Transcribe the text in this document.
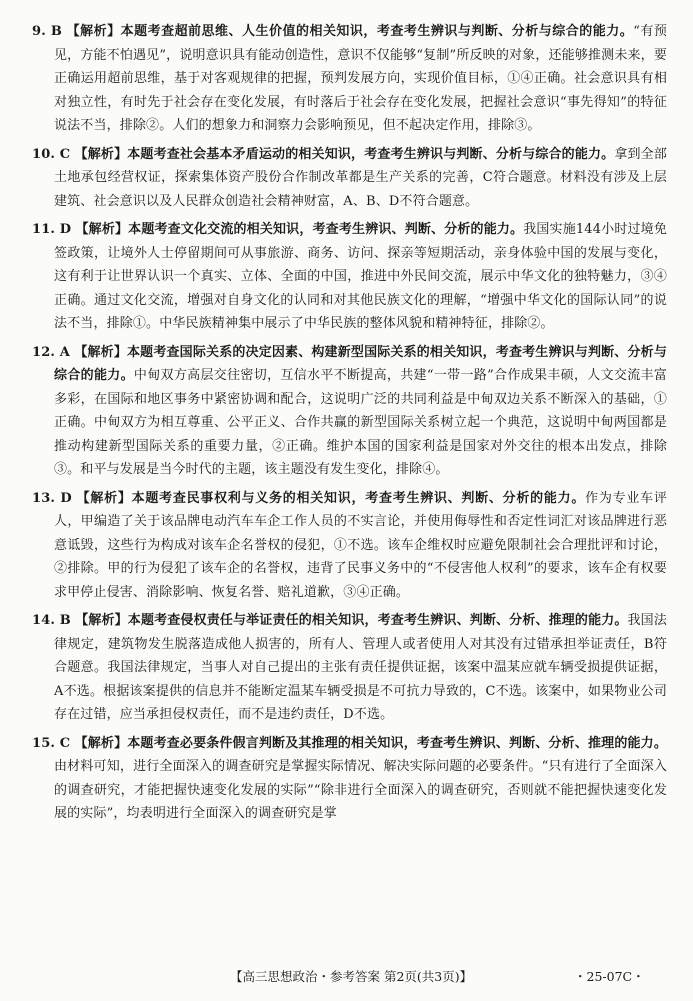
9. B 【解析】本题考查超前思维、人生价值的相关知识，考查考生辨识与判断、分析与综合的能力。“有预见，方能不怕遇见”，说明意识具有能动创造性，意识不仅能够“复制”所反映的对象，还能够推测未来，要正确运用超前思维，基于对客观规律的把握，预判发展方向，实现价值目标，①④正确。社会意识具有相对独立性，有时先于社会存在变化发展，有时落后于社会存在变化发展，把握社会意识“事先得知”的特征说法不当，排除②。人们的想象力和洞察力会影响预见，但不起决定作用，排除③。

10. C 【解析】本题考查社会基本矛盾运动的相关知识，考查考生辨识与判断、分析与综合的能力。拿到全部土地承包经营权证，探索集体资产股份合作制改革都是生产关系的完善，C符合题意。材料没有涉及上层建筑、社会意识以及人民群众创造社会精神财富，A、B、D不符合题意。

11. D 【解析】本题考查文化交流的相关知识，考查考生辨识、判断、分析的能力。我国实施144小时过境免签政策，让境外人士停留期间可从事旅游、商务、访问、探亲等短期活动，亲身体验中国的发展与变化，这有利于让世界认识一个真实、立体、全面的中国，推进中外民间交流，展示中华文化的独特魅力，③④正确。通过文化交流，增强对自身文化的认同和对其他民族文化的理解，“增强中华文化的国际认同”的说法不当，排除①。中华民族精神集中展示了中华民族的整体风貌和精神特征，排除②。

12. A 【解析】本题考查国际关系的决定因素、构建新型国际关系的相关知识，考查考生辨识与判断、分析与综合的能力。中甸双方高层交往密切，互信水平不断提高，共建“一带一路”合作成果丰硕，人文交流丰富多彩，在国际和地区事务中紧密协调和配合，这说明广泛的共同利益是中甸双边关系不断深入的基础，①正确。中甸双方为相互尊重、公平正义、合作共赢的新型国际关系树立起一个典范，这说明中甸两国都是推动构建新型国际关系的重要力量，②正确。维护本国的国家利益是国家对外交往的根本出发点，排除③。和平与发展是当今时代的主题，该主题没有发生变化，排除④。

13. D 【解析】本题考查民事权利与义务的相关知识，考查考生辨识、判断、分析的能力。作为专业车评人，甲编造了关于该品牌电动汽车车企工作人员的不实言论，并使用侮辱性和否定性词汇对该品牌进行恶意诋毁，这些行为构成对该车企名誉权的侵犯，①不选。该车企维权时应避免限制社会合理批评和讨论，②排除。甲的行为侵犯了该车企的名誉权，违背了民事义务中的“不侵害他人权利”的要求，该车企有权要求甲停止侵害、消除影响、恢复名誉、赔礼道歉，③④正确。

14. B 【解析】本题考查侵权责任与举证责任的相关知识，考查考生辨识、判断、分析、推理的能力。我国法律规定，建筑物发生脱落造成他人损害的，所有人、管理人或者使用人对其没有过错承担举证责任，B符合题意。我国法律规定，当事人对自己提出的主张有责任提供证据，该案中温某应就车辆受损提供证据，A不选。根据该案提供的信息并不能断定温某车辆受损是不可抗力导致的，C不选。该案中，如果物业公司存在过错，应当承担侵权责任，而不是违约责任，D不选。

15. C 【解析】本题考查必要条件假言判断及其推理的相关知识，考查考生辨识、判断、分析、推理的能力。由材料可知，进行全面深入的调查研究是掌握实际情况、解决实际问题的必要条件。“只有进行了全面深入的调查研究，才能把握快速变化发展的实际”“除非进行全面深入的调查研究，否则就不能把握快速变化发展的实际”，均表明进行全面深入的调查研究是掌

【高三思想政治・参考答案 第2页(共3页)】	・25-07C・
